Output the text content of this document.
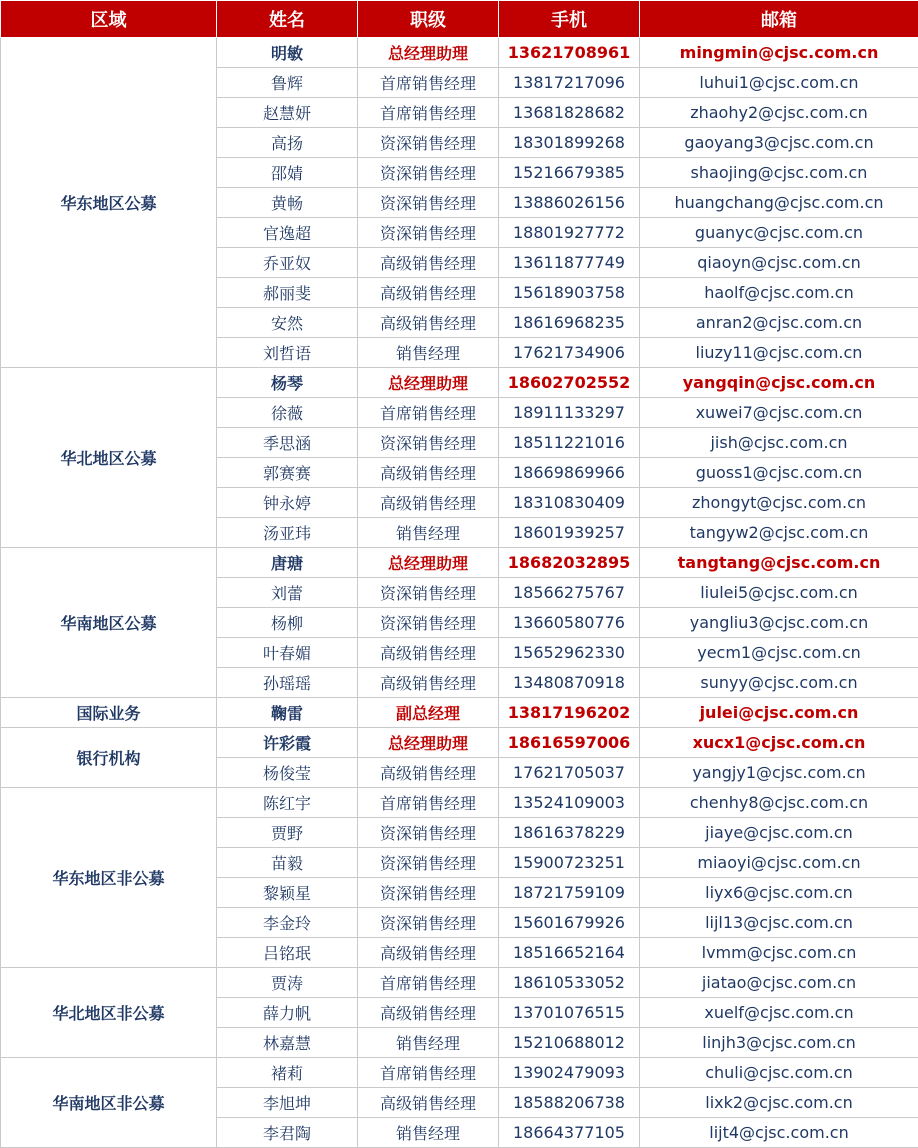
区域	姓名	职级	手机	邮箱
华东地区公募	明敏	总经理助理	13621708961	mingmin@cjsc.com.cn
	鲁辉	首席销售经理	13817217096	luhui1@cjsc.com.cn
	赵慧妍	首席销售经理	13681828682	zhaohy2@cjsc.com.cn
	高扬	资深销售经理	18301899268	gaoyang3@cjsc.com.cn
	邵婧	资深销售经理	15216679385	shaojing@cjsc.com.cn
	黄畅	资深销售经理	13886026156	huangchang@cjsc.com.cn
	官逸超	资深销售经理	18801927772	guanyc@cjsc.com.cn
	乔亚奴	高级销售经理	13611877749	qiaoyn@cjsc.com.cn
	郝丽斐	高级销售经理	15618903758	haolf@cjsc.com.cn
	安然	高级销售经理	18616968235	anran2@cjsc.com.cn
	刘哲语	销售经理	17621734906	liuzy11@cjsc.com.cn
华北地区公募	杨琴	总经理助理	18602702552	yangqin@cjsc.com.cn
	徐薇	首席销售经理	18911133297	xuwei7@cjsc.com.cn
	季思涵	资深销售经理	18511221016	jish@cjsc.com.cn
	郭赛赛	高级销售经理	18669869966	guoss1@cjsc.com.cn
	钟永婷	高级销售经理	18310830409	zhongyt@cjsc.com.cn
	汤亚玮	销售经理	18601939257	tangyw2@cjsc.com.cn
华南地区公募	唐瑭	总经理助理	18682032895	tangtang@cjsc.com.cn
	刘蕾	资深销售经理	18566275767	liulei5@cjsc.com.cn
	杨柳	资深销售经理	13660580776	yangliu3@cjsc.com.cn
	叶春媚	高级销售经理	15652962330	yecm1@cjsc.com.cn
	孙瑶瑶	高级销售经理	13480870918	sunyy@cjsc.com.cn
国际业务	鞠雷	副总经理	13817196202	julei@cjsc.com.cn
银行机构	许彩霞	总经理助理	18616597006	xucx1@cjsc.com.cn
	杨俊莹	高级销售经理	17621705037	yangjy1@cjsc.com.cn
华东地区非公募	陈红宇	首席销售经理	13524109003	chenhy8@cjsc.com.cn
	贾野	资深销售经理	18616378229	jiaye@cjsc.com.cn
	苗毅	资深销售经理	15900723251	miaoyi@cjsc.com.cn
	黎颖星	资深销售经理	18721759109	liyx6@cjsc.com.cn
	李金玲	资深销售经理	15601679926	lijl13@cjsc.com.cn
	吕铭珉	高级销售经理	18516652164	lvmm@cjsc.com.cn
华北地区非公募	贾涛	首席销售经理	18610533052	jiatao@cjsc.com.cn
	薛力帆	高级销售经理	13701076515	xuelf@cjsc.com.cn
	林嘉慧	销售经理	15210688012	linjh3@cjsc.com.cn
华南地区非公募	褚莉	首席销售经理	13902479093	chuli@cjsc.com.cn
	李旭坤	高级销售经理	18588206738	lixk2@cjsc.com.cn
	李君陶	销售经理	18664377105	lijt4@cjsc.com.cn
